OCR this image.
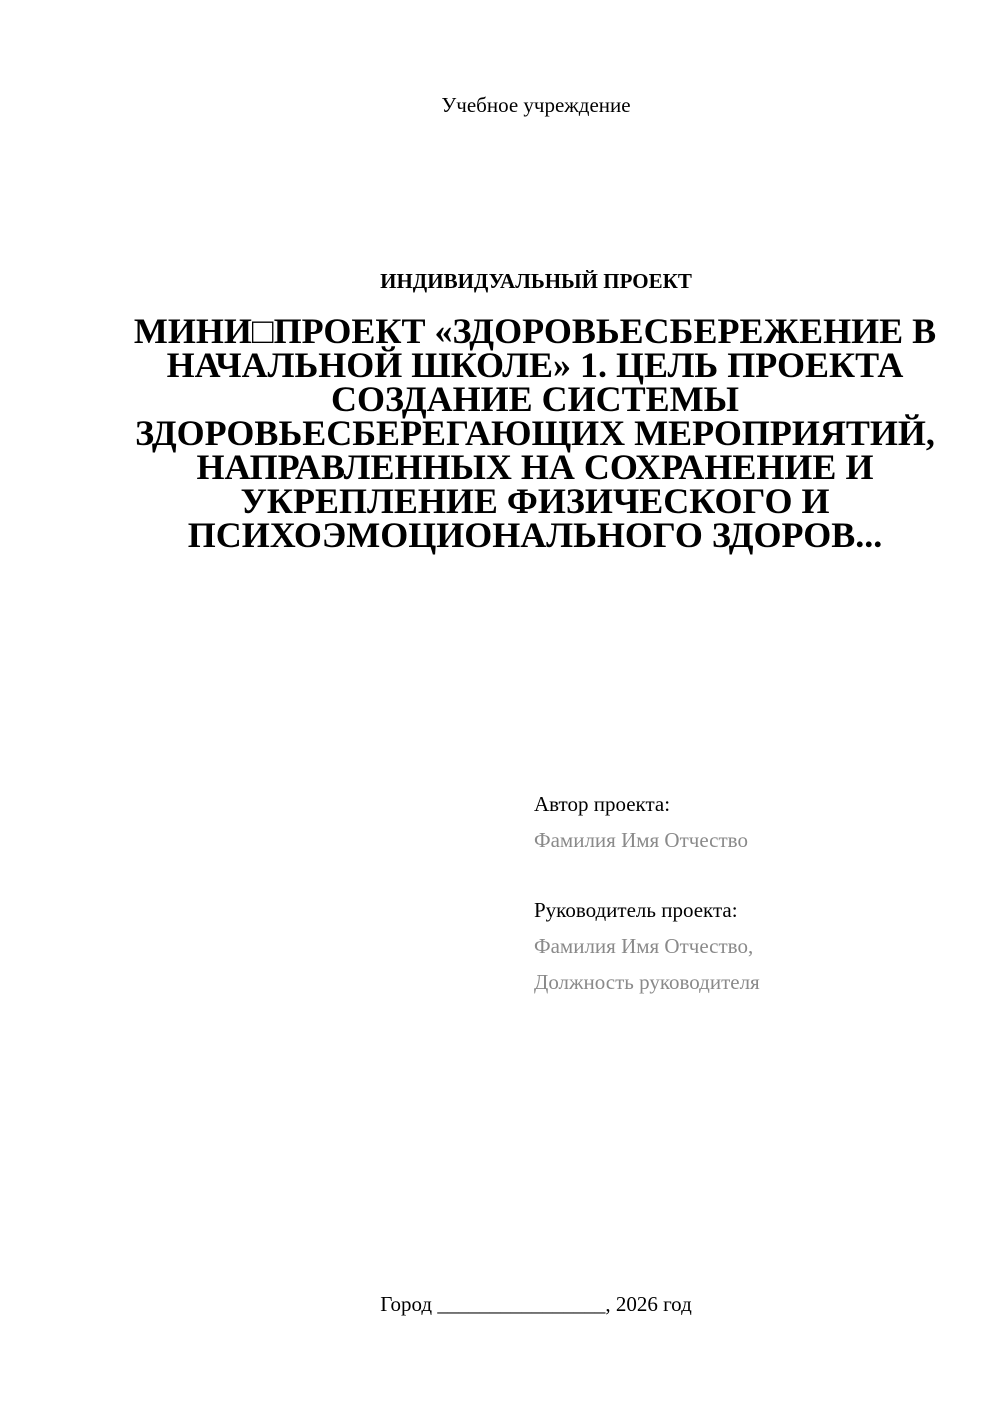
Учебное учреждение
ИНДИВИДУАЛЬНЫЙ ПРОЕКТ
МИНИ□ПРОЕКТ «ЗДОРОВЬЕСБЕРЕЖЕНИЕ В НАЧАЛЬНОЙ ШКОЛЕ» 1. ЦЕЛЬ ПРОЕКТА СОЗДАНИЕ СИСТЕМЫ ЗДОРОВЬЕСБЕРЕГАЮЩИХ МЕРОПРИЯТИЙ, НАПРАВЛЕННЫХ НА СОХРАНЕНИЕ И УКРЕПЛЕНИЕ ФИЗИЧЕСКОГО И ПСИХОЭМОЦИОНАЛЬНОГО ЗДОРОВ...
Автор проекта:
Фамилия Имя Отчество
Руководитель проекта:
Фамилия Имя Отчество,
Должность руководителя
Город ________________, 2026 год
